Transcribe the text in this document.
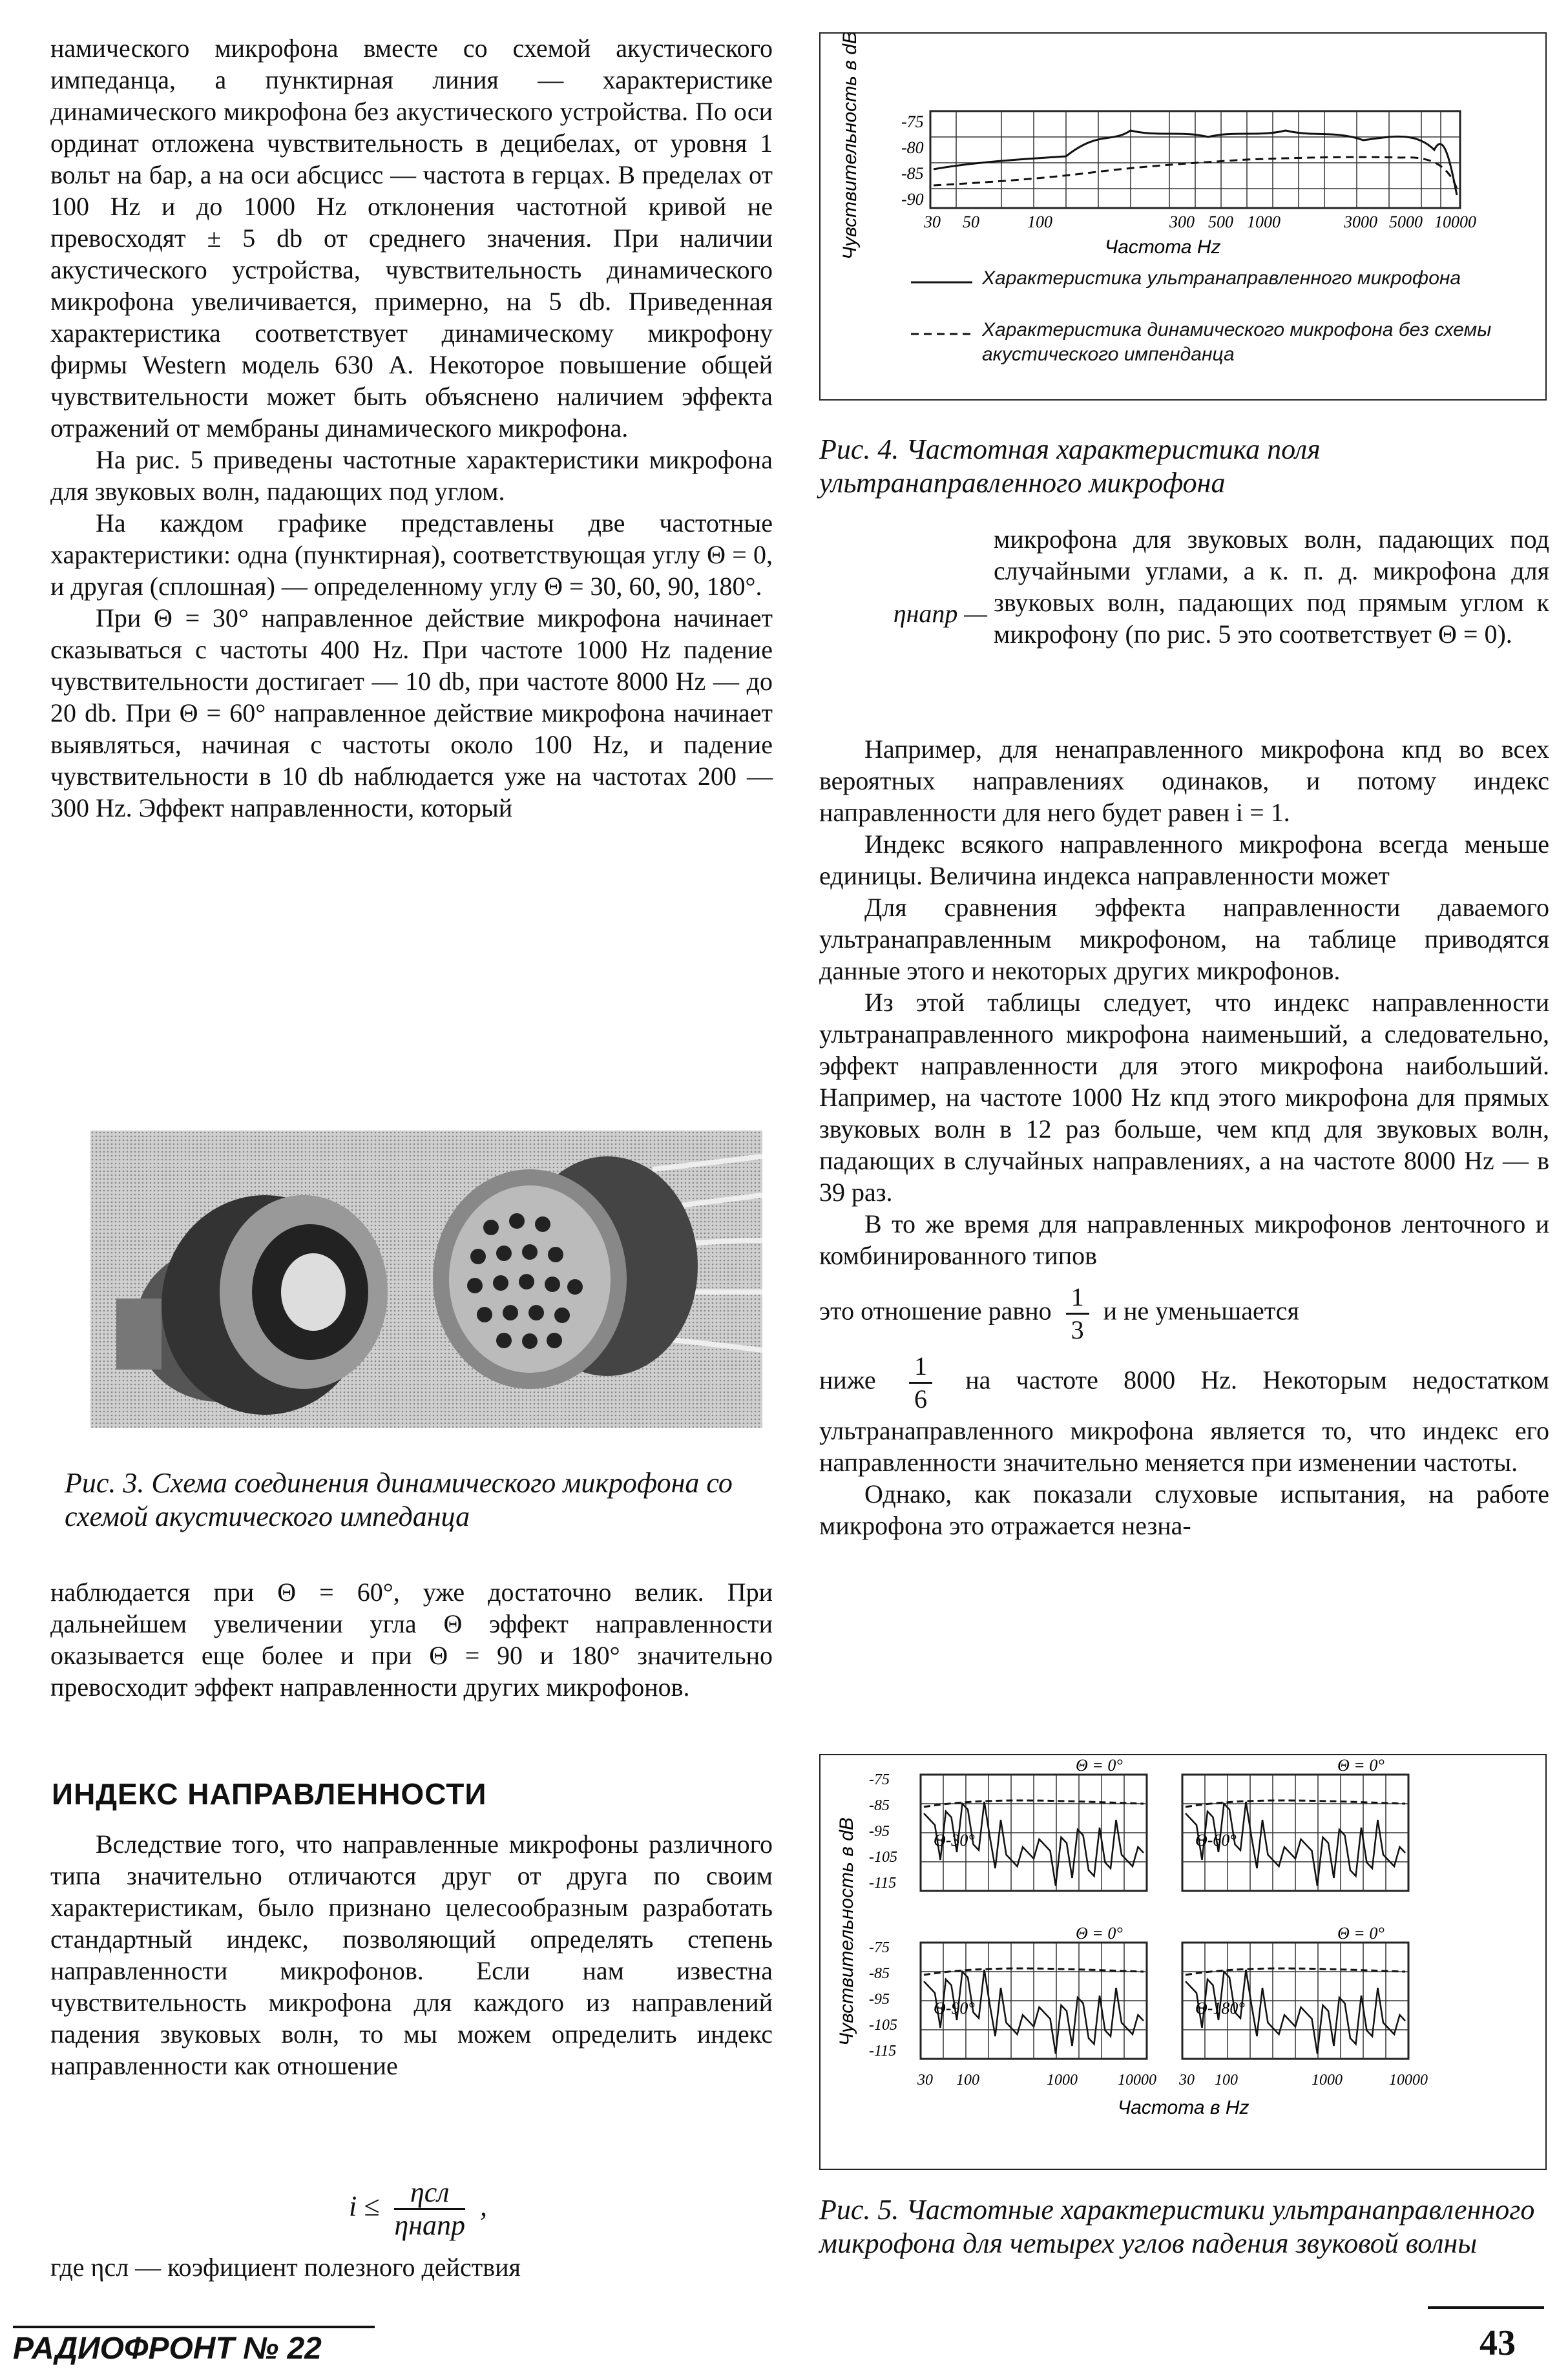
намического микрофона вместе со схемой акустического импеданца, а пунктирная линия — характеристике динамического микрофона без акустического устройства. По оси ординат отложена чувствительность в децибелах, от уровня 1 вольт на бар, а на оси абсцисс — частота в герцах. В пределах от 100 Hz и до 1000 Hz отклонения частотной кривой не превосходят ± 5 db от среднего значения. При наличии акустического устройства, чувствительность динамического микрофона увеличивается, примерно, на 5 db. Приведенная характеристика соответствует динамическому микрофону фирмы Western модель 630 A. Некоторое повышение общей чувствительности может быть объяснено наличием эффекта отражений от мембраны динамического микрофона.

На рис. 5 приведены частотные характеристики микрофона для звуковых волн, падающих под углом.

На каждом графике представлены две частотные характеристики: одна (пунктирная), соответствующая углу Θ = 0, и другая (сплошная) — определенному углу Θ = 30, 60, 90, 180°.

При Θ = 30° направленное действие микрофона начинает сказываться с частоты 400 Hz. При частоте 1000 Hz падение чувствительности достигает — 10 db, при частоте 8000 Hz — до 20 db. При Θ = 60° направленное действие микрофона начинает выявляться, начиная с частоты около 100 Hz, и падение чувствительности в 10 db наблюдается уже на частотах 200 — 300 Hz. Эффект направленности, который

Рис. 3. Схема соединения динамического микрофона со схемой акустического импеданца

наблюдается при Θ = 60°, уже достаточно велик. При дальнейшем увеличении угла Θ эффект направленности оказывается еще более и при Θ = 90 и 180° значительно превосходит эффект направленности других микрофонов.

ИНДЕКС НАПРАВЛЕННОСТИ

Вследствие того, что направленные микрофоны различного типа значительно отличаются друг от друга по своим характеристикам, было признано целесообразным разработать стандартный индекс, позволяющий определять степень направленности микрофонов. Если нам известна чувствительность микрофона для каждого из направлений падения звуковых волн, то мы можем определить индекс направленности как отношение

$i \le \frac{\text{ηсл}}{\text{ηнапр}}$ ,

где ηсл — коэфициент полезного действия

Чувствительность в dB -75
-80
-85
-90
30 50	100	300 500 1000	3000 5000 10000
Частота Hz
Характеристика ультранаправленного микрофона
Характеристика динамического микрофона без схемы акустического импенданца
Рис. 4. Частотная характеристика поля ультранаправленного микрофона
ηнапр —
микрофона для звуковых волн, падающих под случайными углами, а к. п. д. микрофона для звуковых волн, падающих под прямым углом к микрофону (по рис. 5 это соответствует Θ = 0).

Например, для ненаправленного микрофона кпд во всех вероятных направлениях одинаков, и потому индекс направленности для него будет равен i = 1.

Индекс всякого направленного микрофона всегда меньше единицы. Величина индекса направленности может

Для сравнения эффекта направленности даваемого ультранаправленным микрофоном, на таблице приводятся данные этого и некоторых других микрофонов.

Из этой таблицы следует, что индекс направленности ультранаправленного микрофона наименьший, а следовательно, эффект направленности для этого микрофона наибольший. Например, на частоте 1000 Hz кпд этого микрофона для прямых звуковых волн в 12 раз больше, чем кпд для звуковых волн, падающих в случайных направлениях, а на частоте 8000 Hz — в 39 раз.

В то же время для направленных микрофонов ленточного и комбинированного типов

это отношение равно $\frac{1}{3}$ и не уменьшается
ниже $\frac{1}{6}$ на частоте 8000 Hz. Некоторым недостатком ультранаправленного микрофона является то, что индекс его направленности значительно меняется при изменении частоты.

Однако, как показали слуховые испытания, на работе микрофона это отражается незна-

Чувствительность в dB
-75
-85
-95
-105
-115
-75
-85
-95
-105
-115
Θ-30°
Θ = 0°
Θ-60°
Θ = 0°
Θ-90°
Θ = 0°
Θ-180°
Θ = 0°
30 100	1000	10000 30 100	1000	10000
Частота в Hz
Рис. 5. Частотные характеристики ультранаправленного микрофона для четырех углов падения звуковой волны
РАДИОФРОНТ № 22	43
